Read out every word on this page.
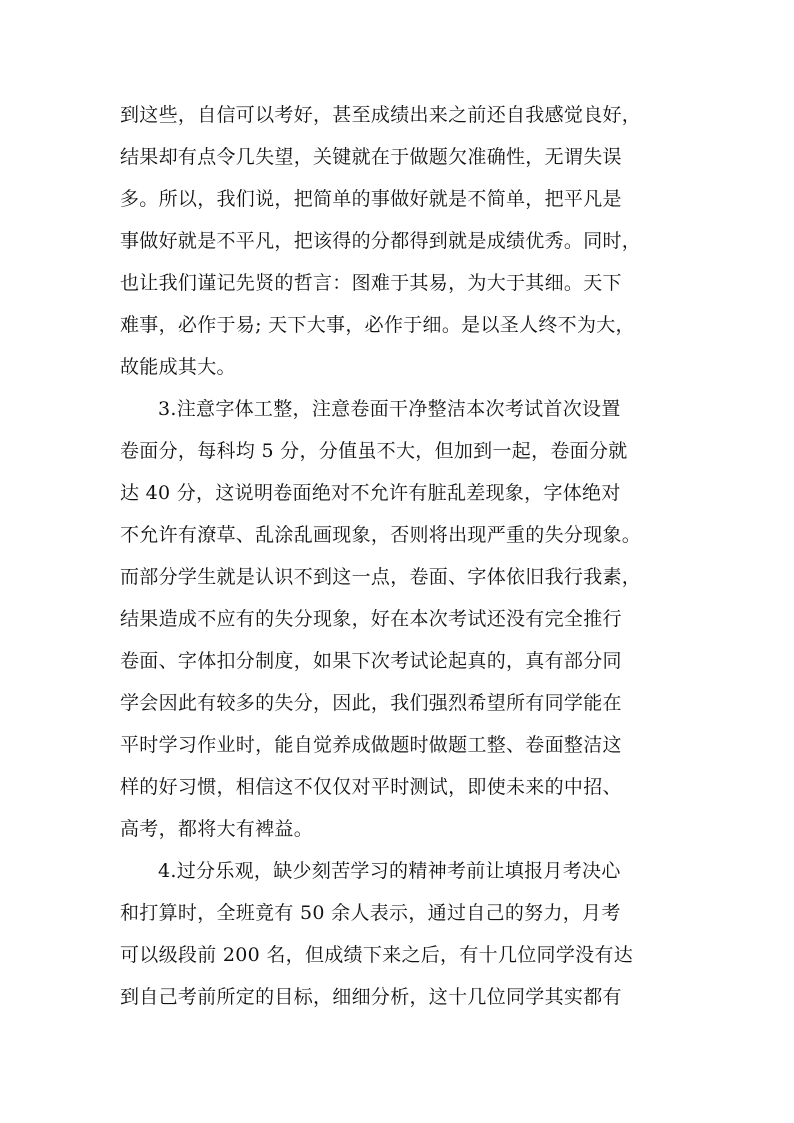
到这些，自信可以考好，甚至成绩出来之前还自我感觉良好，
结果却有点令几失望，关键就在于做题欠准确性，无谓失误
多。所以，我们说，把简单的事做好就是不简单，把平凡是
事做好就是不平凡，把该得的分都得到就是成绩优秀。同时，
也让我们谨记先贤的哲言：图难于其易，为大于其细。天下
难事，必作于易; 天下大事，必作于细。是以圣人终不为大，
故能成其大。
3.注意字体工整，注意卷面干净整洁本次考试首次设置
卷面分，每科均 5 分，分值虽不大，但加到一起，卷面分就
达 40 分，这说明卷面绝对不允许有脏乱差现象，字体绝对
不允许有潦草、乱涂乱画现象，否则将出现严重的失分现象。
而部分学生就是认识不到这一点，卷面、字体依旧我行我素，
结果造成不应有的失分现象，好在本次考试还没有完全推行
卷面、字体扣分制度，如果下次考试论起真的，真有部分同
学会因此有较多的失分，因此，我们强烈希望所有同学能在
平时学习作业时，能自觉养成做题时做题工整、卷面整洁这
样的好习惯，相信这不仅仅对平时测试，即使未来的中招、
高考，都将大有裨益。
4.过分乐观，缺少刻苦学习的精神考前让填报月考决心
和打算时，全班竟有 50 余人表示，通过自己的努力，月考
可以级段前 200 名，但成绩下来之后，有十几位同学没有达
到自己考前所定的目标，细细分析，这十几位同学其实都有
